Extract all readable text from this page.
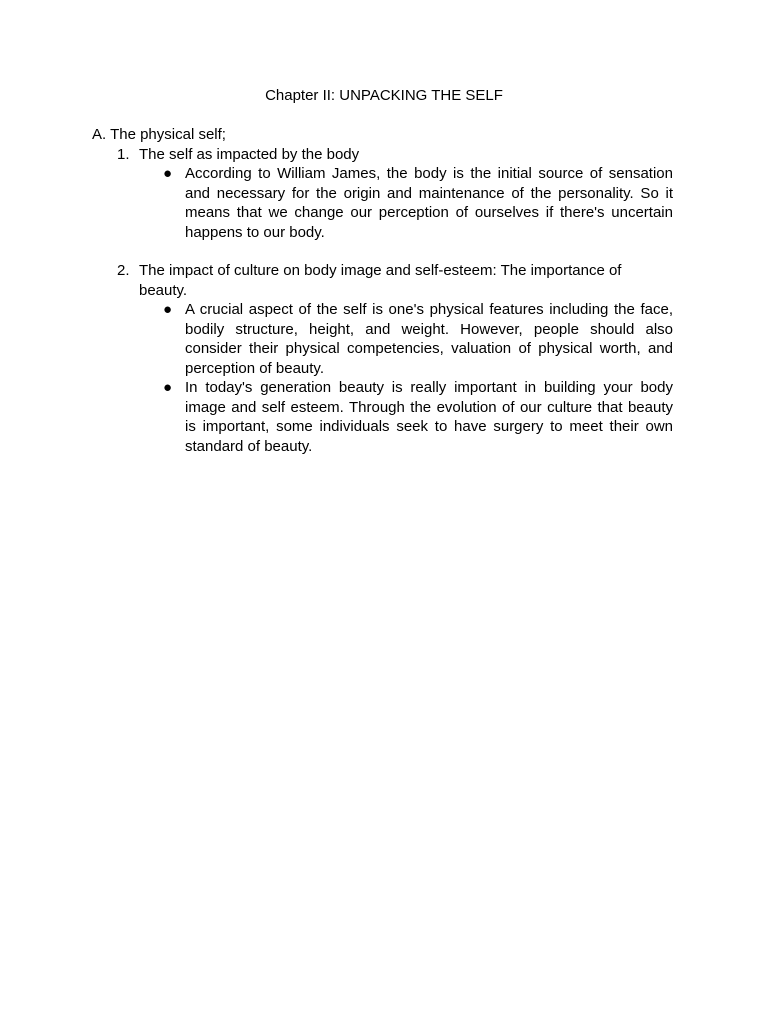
Chapter II: UNPACKING THE SELF
A. The physical self;
1. The self as impacted by the body
● According to William James, the body is the initial source of sensation and necessary for the origin and maintenance of the personality. So it means that we change our perception of ourselves if there's uncertain happens to our body.
2. The impact of culture on body image and self-esteem: The importance of beauty.
● A crucial aspect of the self is one's physical features including the face, bodily structure, height, and weight. However, people should also consider their physical competencies, valuation of physical worth, and perception of beauty.
● In today's generation beauty is really important in building your body image and self esteem. Through the evolution of our culture that beauty is important, some individuals seek to have surgery to meet their own standard of beauty.
